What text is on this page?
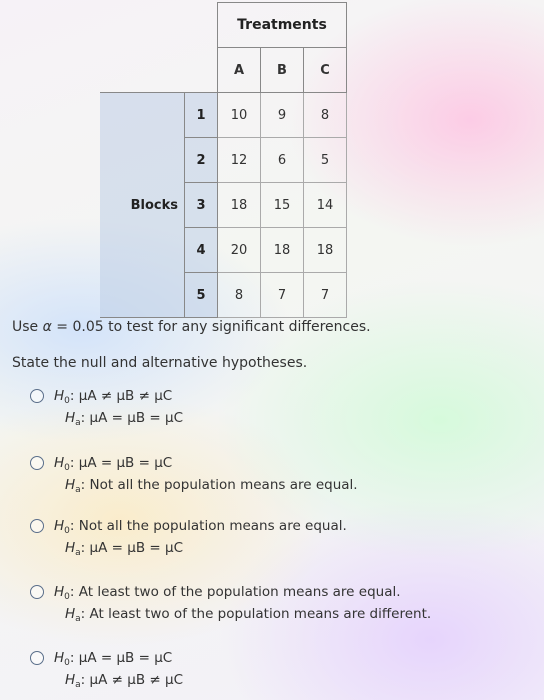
		Treatments		
		A	B	C
	1	10	9	8
	2	12	6	5
Blocks	3	18	15	14
	4	20	18	18
	5	8	7	7
Use α = 0.05 to test for any significant differences.
State the null and alternative hypotheses.
$H_0$: μA ≠ μB ≠ μC
$H_a$: μA = μB = μC
$H_0$: μA = μB = μC
$H_a$: Not all the population means are equal.
$H_0$: Not all the population means are equal.
$H_a$: μA = μB = μC
$H_0$: At least two of the population means are equal.
$H_a$: At least two of the population means are different.
$H_0$: μA = μB = μC
$H_a$: μA ≠ μB ≠ μC
